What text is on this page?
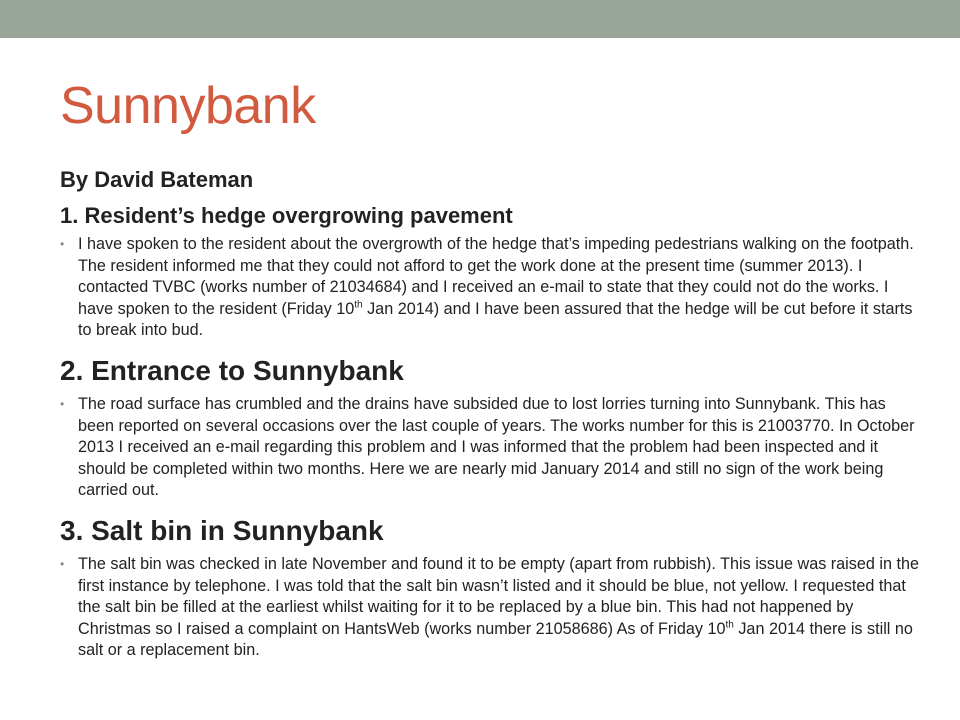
Sunnybank

By David Bateman

1. Resident’s hedge overgrowing pavement

• I have spoken to the resident about the overgrowth of the hedge that’s impeding pedestrians walking on the footpath. The resident informed me that they could not afford to get the work done at the present time (summer 2013). I contacted TVBC (works number of 21034684) and I received an e-mail to state that they could not do the works. I have spoken to the resident (Friday 10th Jan 2014) and I have been assured that the hedge will be cut before it starts to break into bud.

2. Entrance to Sunnybank

• The road surface has crumbled and the drains have subsided due to lost lorries turning into Sunnybank. This has been reported on several occasions over the last couple of years. The works number for this is 21003770. In October 2013 I received an e-mail regarding this problem and I was informed that the problem had been inspected and it should be completed within two months. Here we are nearly mid January 2014 and still no sign of the work being carried out.

3. Salt bin in Sunnybank

• The salt bin was checked in late November and found it to be empty (apart from rubbish). This issue was raised in the first instance by telephone. I was told that the salt bin wasn’t listed and it should be blue, not yellow. I requested that the salt bin be filled at the earliest whilst waiting for it to be replaced by a blue bin. This had not happened by Christmas so I raised a complaint on HantsWeb (works number 21058686) As of Friday 10th Jan 2014 there is still no salt or a replacement bin.
